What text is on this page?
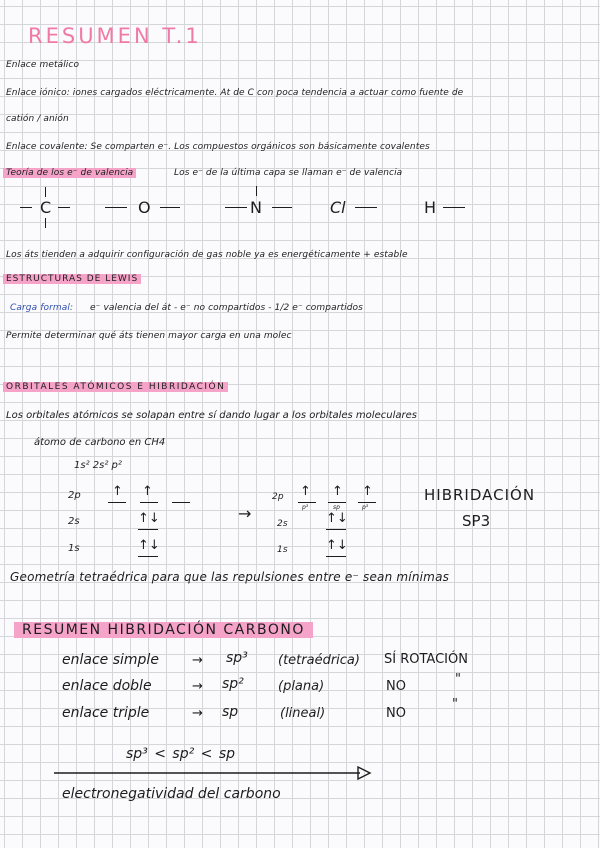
RESUMEN T.1
Enlace metálico
Enlace iónico: iones cargados eléctricamente. At de C con poca tendencia a actuar como fuente de
catión / anión
Enlace covalente: Se comparten e⁻. Los compuestos orgánicos son básicamente covalentes
Teoría de los e⁻ de valencia	Los e⁻ de la última capa se llaman e⁻ de valencia
C	O	N	Cl	H
Los áts tienden a adquirir configuración de gas noble ya es energéticamente + estable
ESTRUCTURAS DE LEWIS
Carga formal: e⁻ valencia del át - e⁻ no compartidos - 1/2 e⁻ compartidos
Permite determinar qué áts tienen mayor carga en una molec
ORBITALES ATÓMICOS E HIBRIDACIÓN
Los orbitales atómicos se solapan entre sí dando lugar a los orbitales moleculares
átomo de carbono en CH4
1s² 2s² p²
2p
2s
1s
↑ ↑
↑↓
↑↓
→
2p
2s
1s
↑
p³
↑
sp
↑
p³
↑↓
↑↓
HIBRIDACIÓN
SP3
Geometría tetraédrica para que las repulsiones entre e⁻ sean mínimas
RESUMEN HIBRIDACIÓN CARBONO
enlace simple	→ sp³ (tetraédrica) SÍ ROTACIÓN
enlace doble	→ sp²	(plana)	NO	"
enlace triple	→ sp	(lineal)	NO
"
sp³ < sp² < sp
electronegatividad del carbono
